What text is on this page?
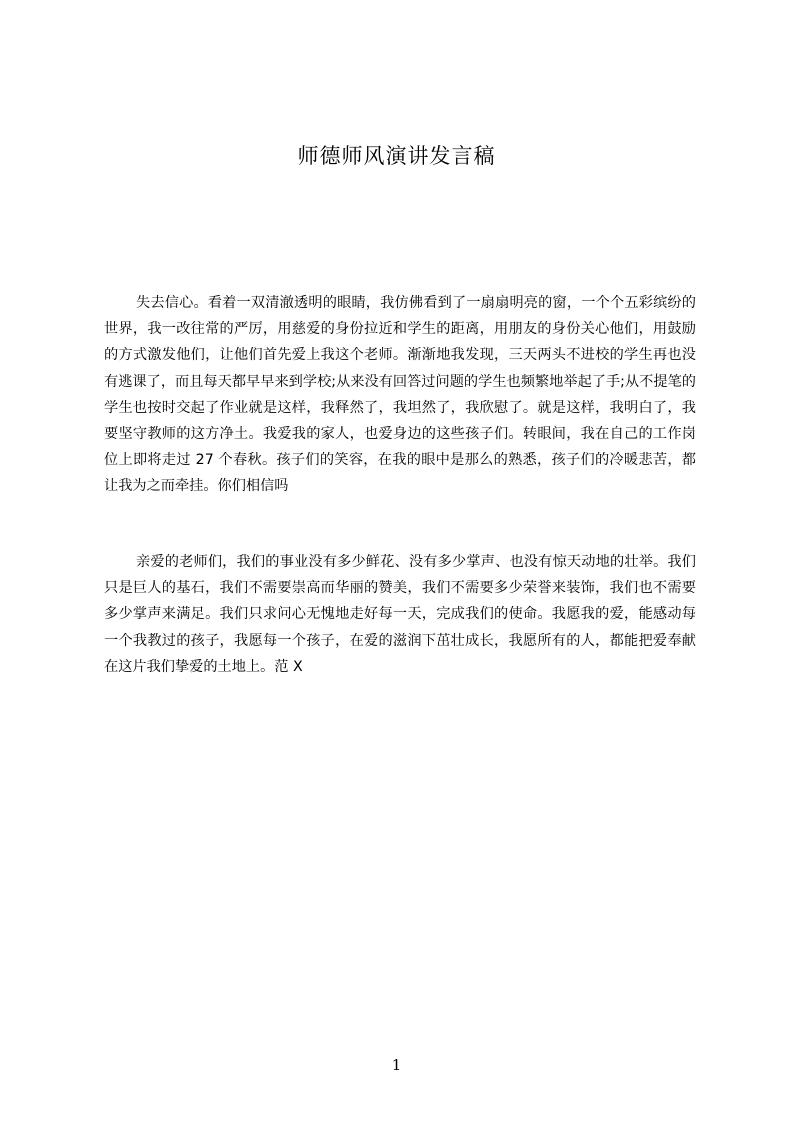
师德师风演讲发言稿

失去信心。看着一双清澈透明的眼睛，我仿佛看到了一扇扇明亮的窗，一个个五彩缤纷的世界，我一改往常的严厉，用慈爱的身份拉近和学生的距离，用朋友的身份关心他们，用鼓励的方式激发他们，让他们首先爱上我这个老师。渐渐地我发现，三天两头不进校的学生再也没有逃课了，而且每天都早早来到学校;从来没有回答过问题的学生也频繁地举起了手;从不提笔的学生也按时交起了作业就是这样，我释然了，我坦然了，我欣慰了。就是这样，我明白了，我要坚守教师的这方净土。我爱我的家人，也爱身边的这些孩子们。转眼间，我在自己的工作岗位上即将走过 27 个春秋。孩子们的笑容，在我的眼中是那么的熟悉，孩子们的冷暖悲苦，都让我为之而牵挂。你们相信吗

亲爱的老师们，我们的事业没有多少鲜花、没有多少掌声、也没有惊天动地的壮举。我们只是巨人的基石，我们不需要崇高而华丽的赞美，我们不需要多少荣誉来装饰，我们也不需要多少掌声来满足。我们只求问心无愧地走好每一天，完成我们的使命。我愿我的爱，能感动每一个我教过的孩子，我愿每一个孩子，在爱的滋润下茁壮成长，我愿所有的人，都能把爱奉献在这片我们挚爱的土地上。范 X

1
